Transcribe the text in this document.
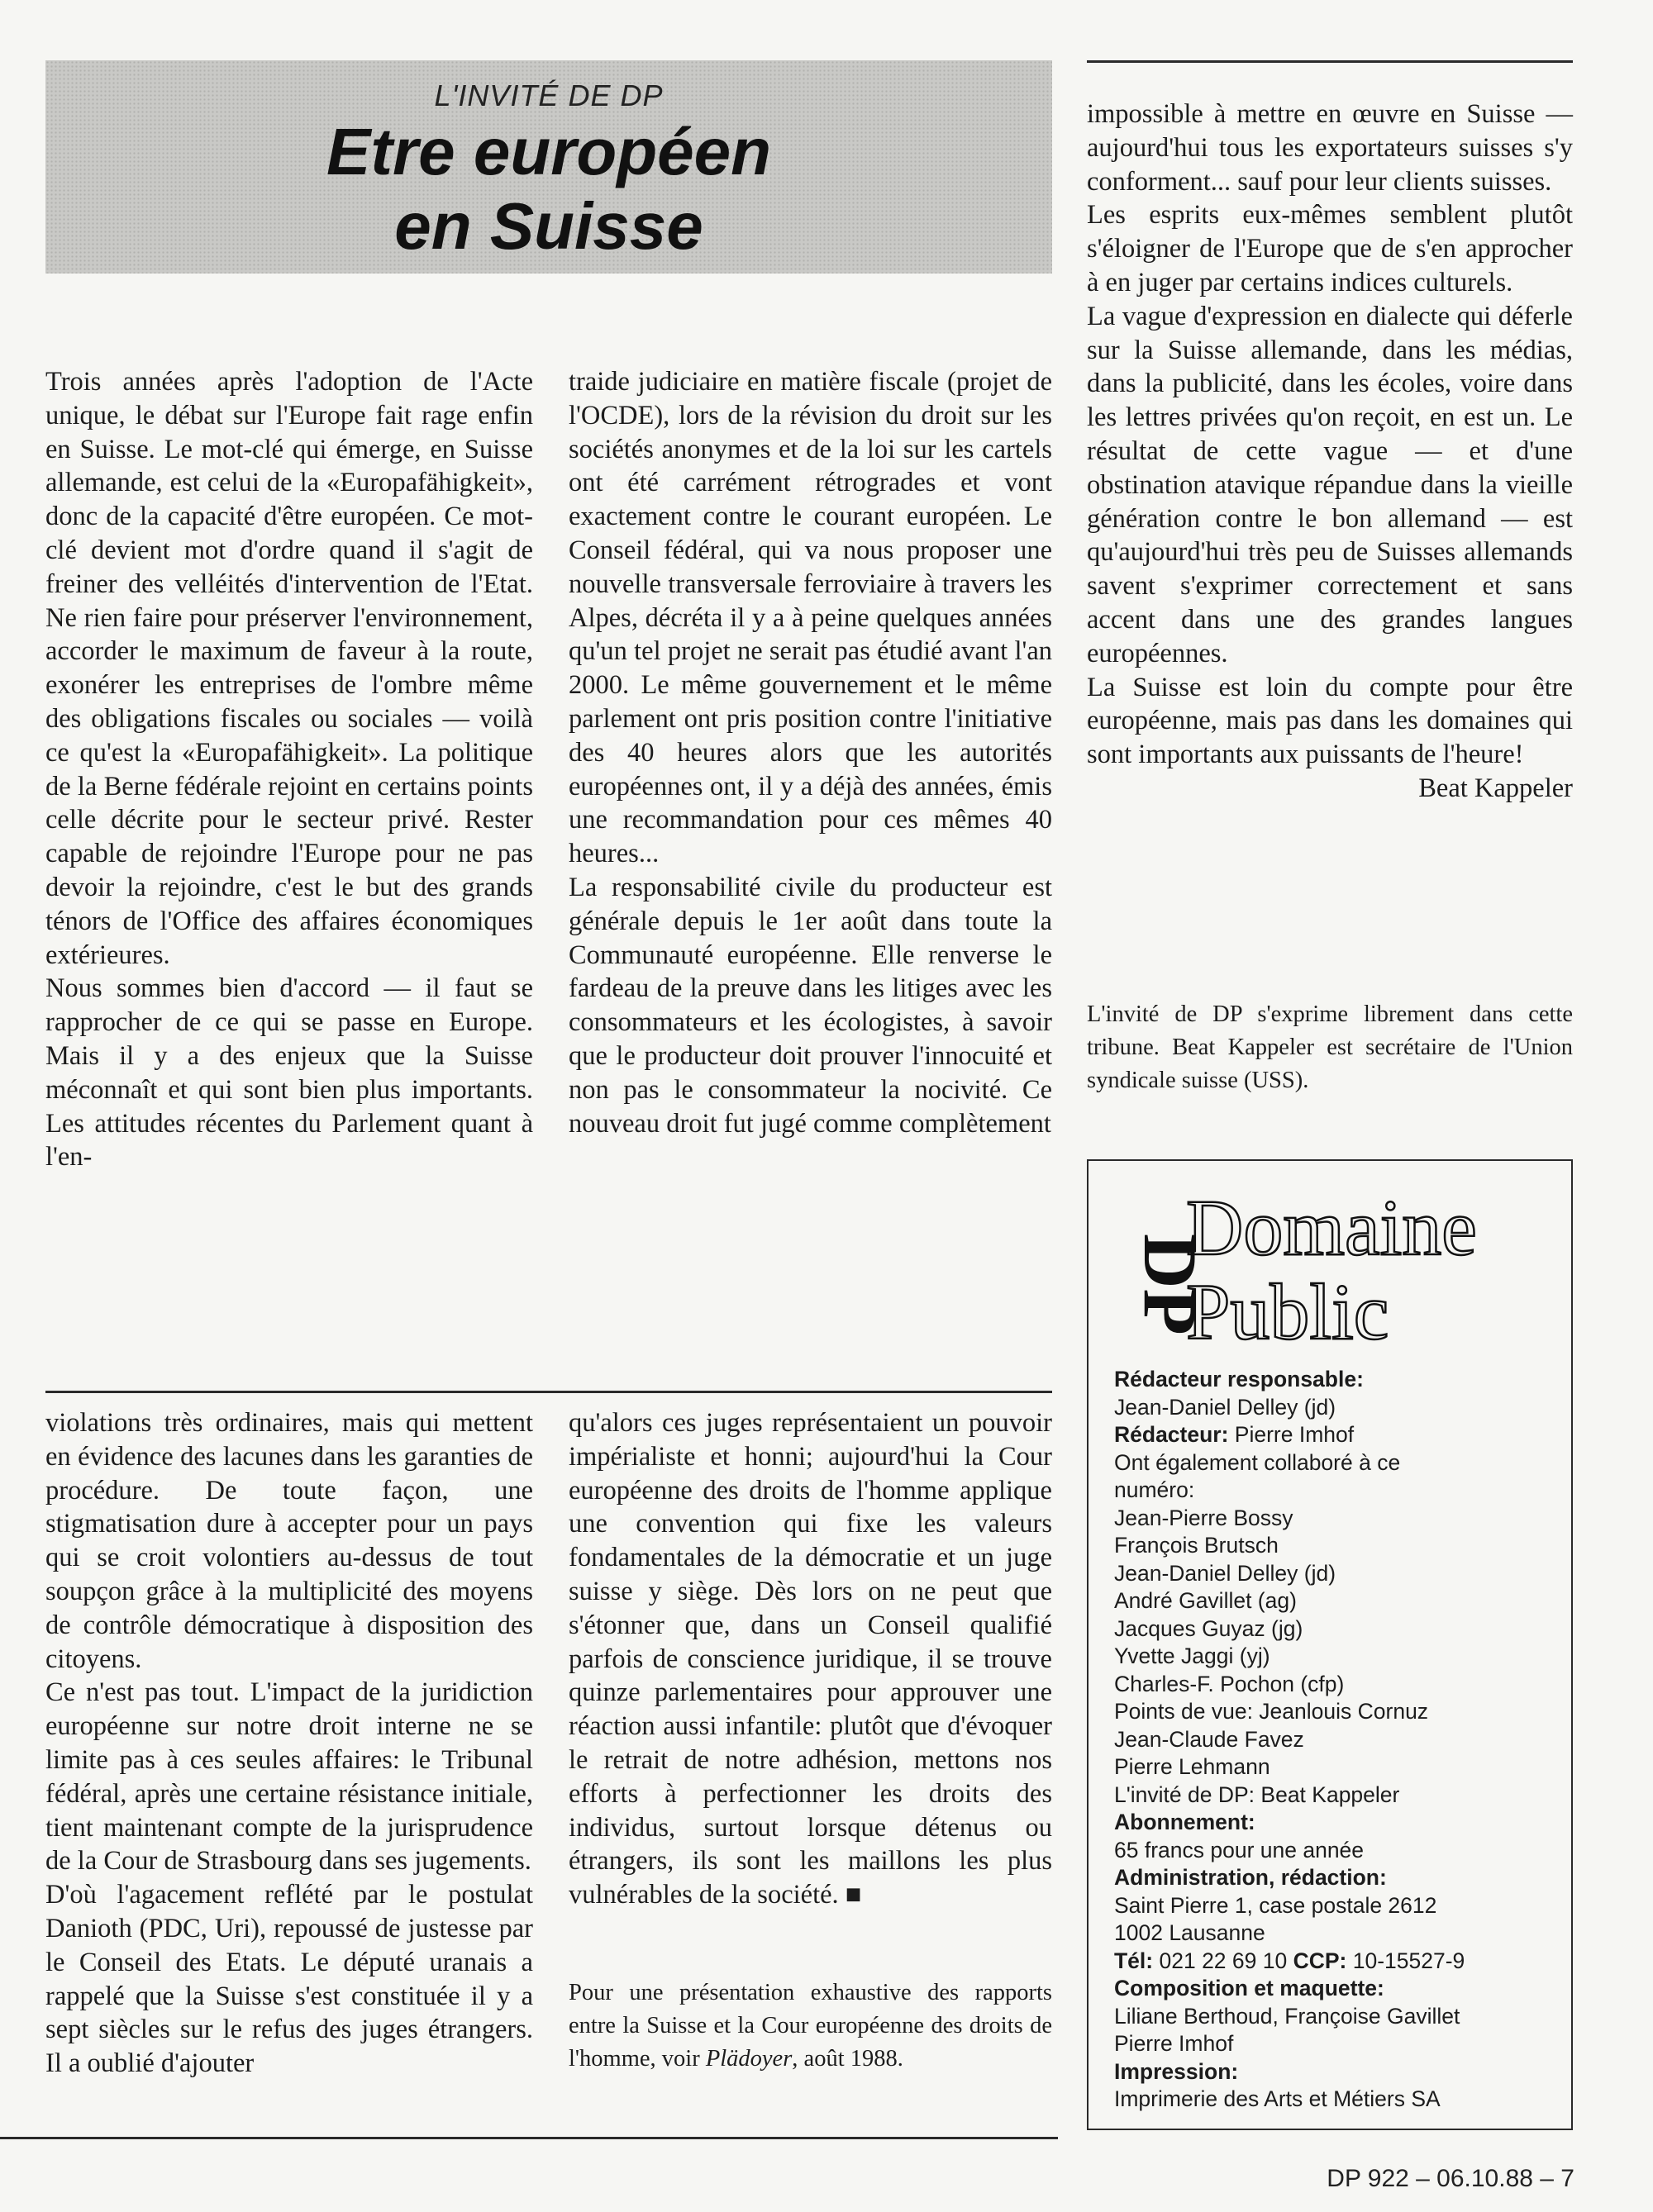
L'INVITÉ DE DP
Etre européen
en Suisse

Trois années après l'adoption de l'Acte unique, le débat sur l'Europe fait rage enfin en Suisse. Le mot-clé qui émerge, en Suisse allemande, est celui de la «Europafähigkeit», donc de la capacité d'être européen. Ce mot-clé devient mot d'ordre quand il s'agit de freiner des velléités d'intervention de l'Etat. Ne rien faire pour préserver l'environnement, accorder le maximum de faveur à la route, exonérer les entreprises de l'ombre même des obligations fiscales ou sociales — voilà ce qu'est la «Europafähigkeit». La politique de la Berne fédérale rejoint en certains points celle décrite pour le secteur privé. Rester capable de rejoindre l'Europe pour ne pas devoir la rejoindre, c'est le but des grands ténors de l'Office des affaires économiques extérieures.

Nous sommes bien d'accord — il faut se rapprocher de ce qui se passe en Europe. Mais il y a des enjeux que la Suisse méconnaît et qui sont bien plus importants. Les attitudes récentes du Parlement quant à l'en-

traide judiciaire en matière fiscale (projet de l'OCDE), lors de la révision du droit sur les sociétés anonymes et de la loi sur les cartels ont été carrément rétrogrades et vont exactement contre le courant européen. Le Conseil fédéral, qui va nous proposer une nouvelle transversale ferroviaire à travers les Alpes, décréta il y a à peine quelques années qu'un tel projet ne serait pas étudié avant l'an 2000. Le même gouvernement et le même parlement ont pris position contre l'initiative des 40 heures alors que les autorités européennes ont, il y a déjà des années, émis une recommandation pour ces mêmes 40 heures...

La responsabilité civile du producteur est générale depuis le 1er août dans toute la Communauté européenne. Elle renverse le fardeau de la preuve dans les litiges avec les consommateurs et les écologistes, à savoir que le producteur doit prouver l'innocuité et non pas le consommateur la nocivité. Ce nouveau droit fut jugé comme complètement

impossible à mettre en œuvre en Suisse — aujourd'hui tous les exportateurs suisses s'y conforment... sauf pour leur clients suisses.

Les esprits eux-mêmes semblent plutôt s'éloigner de l'Europe que de s'en approcher à en juger par certains indices culturels.

La vague d'expression en dialecte qui déferle sur la Suisse allemande, dans les médias, dans la publicité, dans les écoles, voire dans les lettres privées qu'on reçoit, en est un. Le résultat de cette vague — et d'une obstination atavique répandue dans la vieille génération contre le bon allemand — est qu'aujourd'hui très peu de Suisses allemands savent s'exprimer correctement et sans accent dans une des grandes langues européennes.

La Suisse est loin du compte pour être européenne, mais pas dans les domaines qui sont importants aux puissants de l'heure!

Beat Kappeler

L'invité de DP s'exprime librement dans cette tribune. Beat Kappeler est secrétaire de l'Union syndicale suisse (USS).

violations très ordinaires, mais qui mettent en évidence des lacunes dans les garanties de procédure. De toute façon, une stigmatisation dure à accepter pour un pays qui se croit volontiers au-dessus de tout soupçon grâce à la multiplicité des moyens de contrôle démocratique à disposition des citoyens.

Ce n'est pas tout. L'impact de la juridiction européenne sur notre droit interne ne se limite pas à ces seules affaires: le Tribunal fédéral, après une certaine résistance initiale, tient maintenant compte de la jurisprudence de la Cour de Strasbourg dans ses jugements.

D'où l'agacement reflété par le postulat Danioth (PDC, Uri), repoussé de justesse par le Conseil des Etats. Le député uranais a rappelé que la Suisse s'est constituée il y a sept siècles sur le refus des juges étrangers. Il a oublié d'ajouter

qu'alors ces juges représentaient un pouvoir impérialiste et honni; aujourd'hui la Cour européenne des droits de l'homme applique une convention qui fixe les valeurs fondamentales de la démocratie et un juge suisse y siège. Dès lors on ne peut que s'étonner que, dans un Conseil qualifié parfois de conscience juridique, il se trouve quinze parlementaires pour approuver une réaction aussi infantile: plutôt que d'évoquer le retrait de notre adhésion, mettons nos efforts à perfectionner les droits des individus, surtout lorsque détenus ou étrangers, ils sont les maillons les plus vulnérables de la société. ■

Pour une présentation exhaustive des rapports entre la Suisse et la Cour européenne des droits de l'homme, voir Plädoyer, août 1988.
DP
Domaine
Public
Rédacteur responsable:
Jean-Daniel Delley (jd)
Rédacteur: Pierre Imhof
Ont également collaboré à ce
numéro:
Jean-Pierre Bossy
François Brutsch
Jean-Daniel Delley (jd)
André Gavillet (ag)
Jacques Guyaz (jg)
Yvette Jaggi (yj)
Charles-F. Pochon (cfp)
Points de vue: Jeanlouis Cornuz
Jean-Claude Favez
Pierre Lehmann
L'invité de DP: Beat Kappeler
Abonnement:
65 francs pour une année
Administration, rédaction:
Saint Pierre 1, case postale 2612
1002 Lausanne
Tél: 021 22 69 10 CCP: 10-15527-9
Composition et maquette:
Liliane Berthoud, Françoise Gavillet
Pierre Imhof
Impression:
Imprimerie des Arts et Métiers SA
DP 922 – 06.10.88 – 7
